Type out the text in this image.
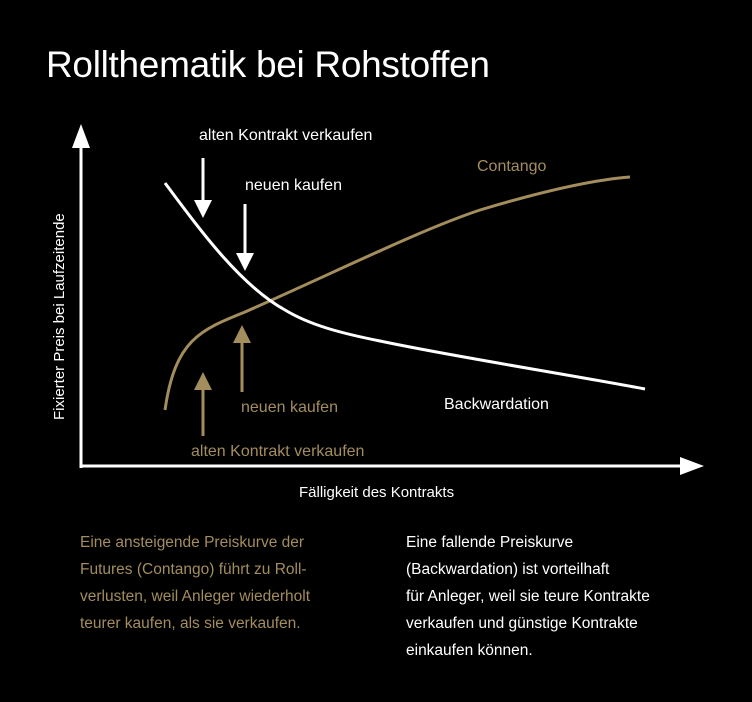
Rollthematik bei Rohstoffen
Fixierter Preis bei Laufzeitende
Fälligkeit des Kontrakts
Contango
Backwardation
alten Kontrakt verkaufen
neuen kaufen
neuen kaufen
alten Kontrakt verkaufen
Eine ansteigende Preiskurve der
Futures (Contango) führt zu Roll-
verlusten, weil Anleger wiederholt
teurer kaufen, als sie verkaufen.
Eine fallende Preiskurve
(Backwardation) ist vorteilhaft
für Anleger, weil sie teure Kontrakte
verkaufen und günstige Kontrakte
einkaufen können.
